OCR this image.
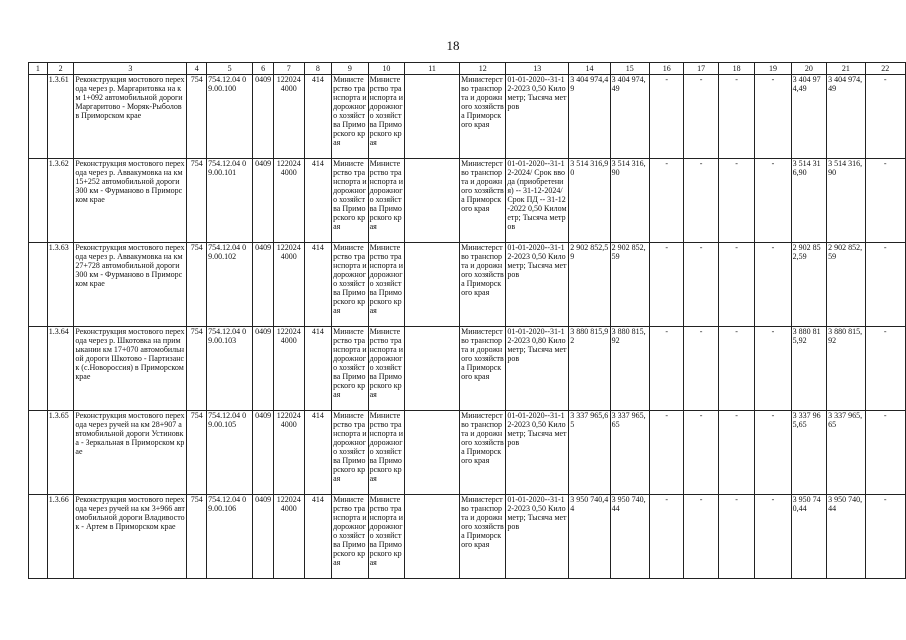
18
1	2	3	4	5	6	7	8	9	10	11	12	13	14	15	16	17	18	19	20	21	22
	1.3.61	Реконструкция мостового перехода через р. Маргаритовка на км 1+092 автомобильной дороги Маргаритово - Моряк-Рыболов в Приморском крае	754	754.12.04 09.00.100	0409	122024 4000	414	Министерство транспорта и дорожного хозяйства Приморского края	Министерство транспорта и дорожного хозяйства Приморского края		Министерство транспорта и дорожного хозяйства Приморского края	01-01-2020--31-12-2023 0,50 Километр; Тысяча метров	3 404 974,49	3 404 974,49	-	-	-	-	3 404 974,49	3 404 974,49	-
	1.3.62	Реконструкция мостового перехода через р. Аввакумовка на км 15+252 автомобильной дороги 300 км - Фурманово в Приморском крае	754	754.12.04 09.00.101	0409	122024 4000	414	Министерство транспорта и дорожного хозяйства Приморского края	Министерство транспорта и дорожного хозяйства Приморского края		Министерство транспорта и дорожного хозяйства Приморского края	01-01-2020--31-12-2024/ Срок ввода (приобретения) -- 31-12-2024/ Срок ПД -- 31-12-2022 0,50 Километр; Тысяча метров	3 514 316,90	3 514 316,90	-	-	-	-	3 514 316,90	3 514 316,90	-
	1.3.63	Реконструкция мостового перехода через р. Аввакумовка на км 27+728 автомобильной дороги 300 км - Фурманово в Приморском крае	754	754.12.04 09.00.102	0409	122024 4000	414	Министерство транспорта и дорожного хозяйства Приморского края	Министерство транспорта и дорожного хозяйства Приморского края		Министерство транспорта и дорожного хозяйства Приморского края	01-01-2020--31-12-2023 0,50 Километр; Тысяча метров	2 902 852,59	2 902 852,59	-	-	-	-	2 902 852,59	2 902 852,59	-
	1.3.64	Реконструкция мостового перехода через р. Шкотовка на примыкании км 17+070 автомобильной дороги Шкотово - Партизанск (с.Новороссия) в Приморском крае	754	754.12.04 09.00.103	0409	122024 4000	414	Министерство транспорта и дорожного хозяйства Приморского края	Министерство транспорта и дорожного хозяйства Приморского края		Министерство транспорта и дорожного хозяйства Приморского края	01-01-2020--31-12-2023 0,80 Километр; Тысяча метров	3 880 815,92	3 880 815,92	-	-	-	-	3 880 815,92	3 880 815,92	-
	1.3.65	Реконструкция мостового перехода через ручей на км 28+907 автомобильной дороги Устиновка - Зеркальная в Приморском крае	754	754.12.04 09.00.105	0409	122024 4000	414	Министерство транспорта и дорожного хозяйства Приморского края	Министерство транспорта и дорожного хозяйства Приморского края		Министерство транспорта и дорожного хозяйства Приморского края	01-01-2020--31-12-2023 0,50 Километр; Тысяча метров	3 337 965,65	3 337 965,65	-	-	-	-	3 337 965,65	3 337 965,65	-
	1.3.66	Реконструкция мостового перехода через ручей на км 3+966 автомобильной дороги Владивосток - Артем в Приморском крае	754	754.12.04 09.00.106	0409	122024 4000	414	Министерство транспорта и дорожного хозяйства Приморского края	Министерство транспорта и дорожного хозяйства Приморского края		Министерство транспорта и дорожного хозяйства Приморского края	01-01-2020--31-12-2023 0,50 Километр; Тысяча метров	3 950 740,44	3 950 740,44	-	-	-	-	3 950 740,44	3 950 740,44	-
